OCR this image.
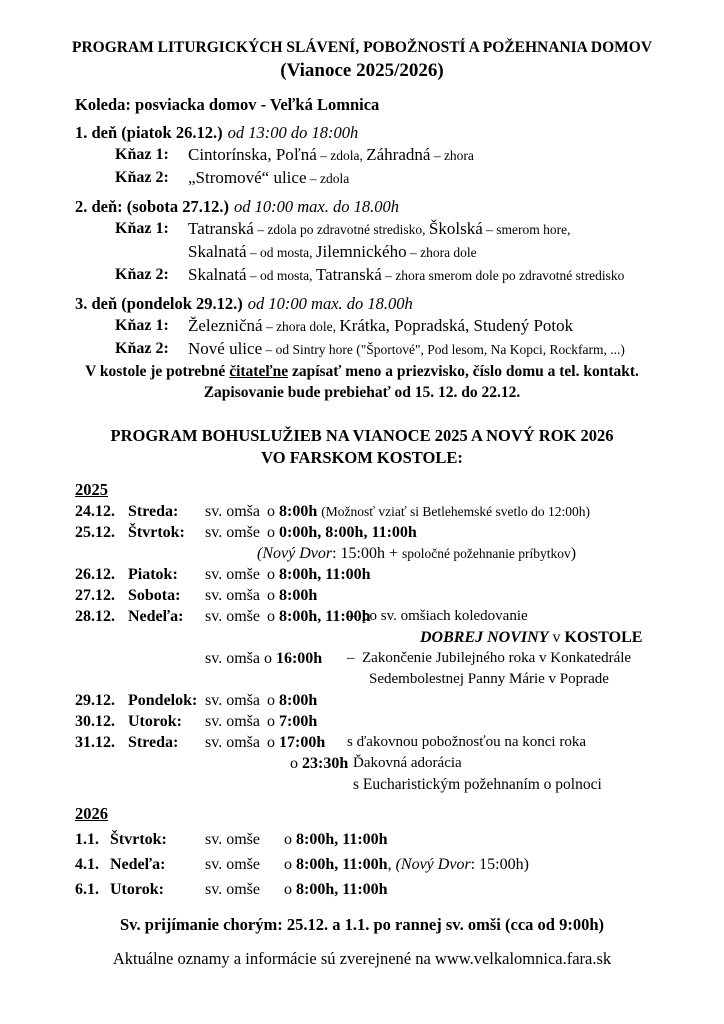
PROGRAM LITURGICKÝCH SLÁVENÍ, POBOŽNOSTÍ A POŽEHNANIA DOMOV
(Vianoce 2025/2026)
Koleda: posviacka domov - Veľká Lomnica
1. deň (piatok 26.12.) od 13:00 do 18:00h
Kňaz 1:	Cintorínska, Poľná – zdola, Záhradná – zhora
Kňaz 2:	„Stromové“ ulice – zdola
2. deň: (sobota 27.12.) od 10:00 max. do 18.00h
Kňaz 1:	Tatranská – zdola po zdravotné stredisko, Školská – smerom hore,
Skalnatá – od mosta, Jilemnického – zhora dole
Kňaz 2:	Skalnatá – od mosta, Tatranská – zhora smerom dole po zdravotné stredisko
3. deň (pondelok 29.12.) od 10:00 max. do 18.00h
Kňaz 1:	Železničná – zhora dole, Krátka, Popradská, Studený Potok
Kňaz 2:	Nové ulice – od Sintry hore ("Športové", Pod lesom, Na Kopci, Rockfarm, ...)
V kostole je potrebné čitateľne zapísať meno a priezvisko, číslo domu a tel. kontakt.
Zapisovanie bude prebiehať od 15. 12. do 22.12.
PROGRAM BOHUSLUŽIEB NA VIANOCE 2025 A NOVÝ ROK 2026
VO FARSKOM KOSTOLE:
2025
24.12. Streda:	sv. omša o 8:00h (Možnosť vziať si Betlehemské svetlo do 12:00h)
25.12. Štvrtok:	sv. omše o 0:00h, 8:00h, 11:00h
(Nový Dvor: 15:00h + spoločné požehnanie príbytkov)
26.12. Piatok:	sv. omše o 8:00h, 11:00h
27.12. Sobota:	sv. omša o 8:00h
28.12. Nedeľa:	sv. omše o 8:00h, 11:00h
–  po sv. omšiach koledovanie
DOBREJ NOVINY v KOSTOLE
sv. omša o 16:00h –  Zakončenie Jubilejného roka v Konkatedrále
Sedembolestnej Panny Márie v Poprade
29.12. Pondelok: sv. omša o 8:00h
30.12. Utorok:	sv. omša o 7:00h
31.12. Streda:	sv. omša o 17:00h s ďakovnou pobožnosťou na konci roka
o 23:30h Ďakovná adorácia
s Eucharistickým požehnaním o polnoci
2026
1.1. Štvrtok:	sv. omše	o 8:00h, 11:00h
4.1. Nedeľa:	sv. omše	o 8:00h, 11:00h, (Nový Dvor: 15:00h)
6.1. Utorok:	sv. omše	o 8:00h, 11:00h
Sv. prijímanie chorým: 25.12. a 1.1. po rannej sv. omši (cca od 9:00h)
Aktuálne oznamy a informácie sú zverejnené na www.velkalomnica.fara.sk
